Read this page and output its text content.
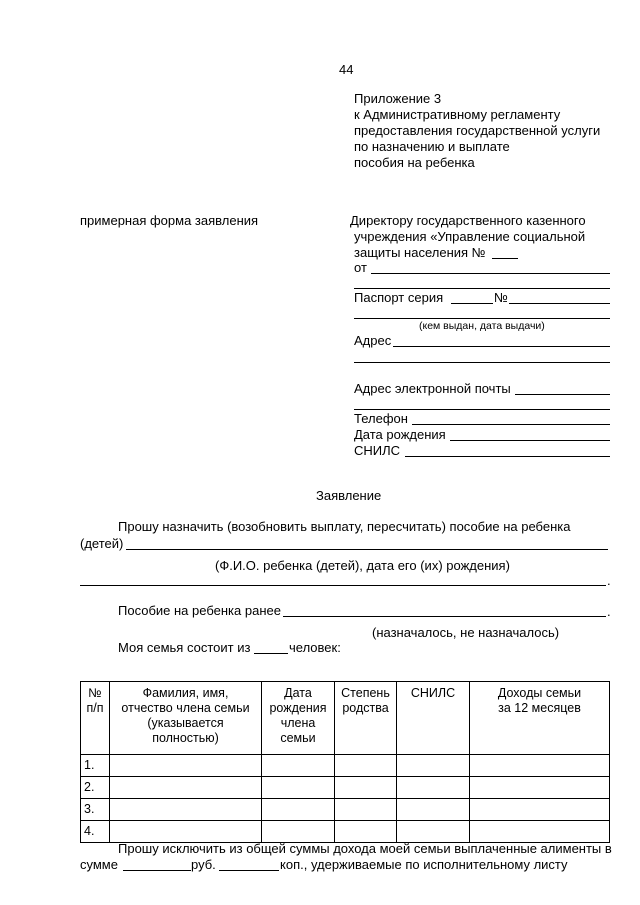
44
Приложение 3
к Административному регламенту
предоставления государственной услуги
по назначению и выплате
пособия на ребенка
примерная форма заявления	Директору государственного казенного
учреждения «Управление социальной
защиты населения №
от
Паспорт серия	№
(кем выдан, дата выдачи)
Адрес
Адрес электронной почты
Телефон
Дата рождения
СНИЛС
Заявление
Прошу назначить (возобновить выплату, пересчитать) пособие на ребенка
(детей)
(Ф.И.О. ребенка (детей), дата его (их) рождения)
.
Пособие на ребенка ранее	.
(назначалось, не назначалось)
Моя семья состоит из	человек:
№
п/п	Фамилия, имя,
отчество члена семьи
(указывается
полностью)	Дата
рождения
члена
семьи	Степень
родства	СНИЛС	Доходы семьи
за 12 месяцев
1.					
2.					
3.					
4.					
Прошу исключить из общей суммы дохода моей семьи выплаченные алименты в
сумме	руб.	коп., удерживаемые по исполнительному листу
